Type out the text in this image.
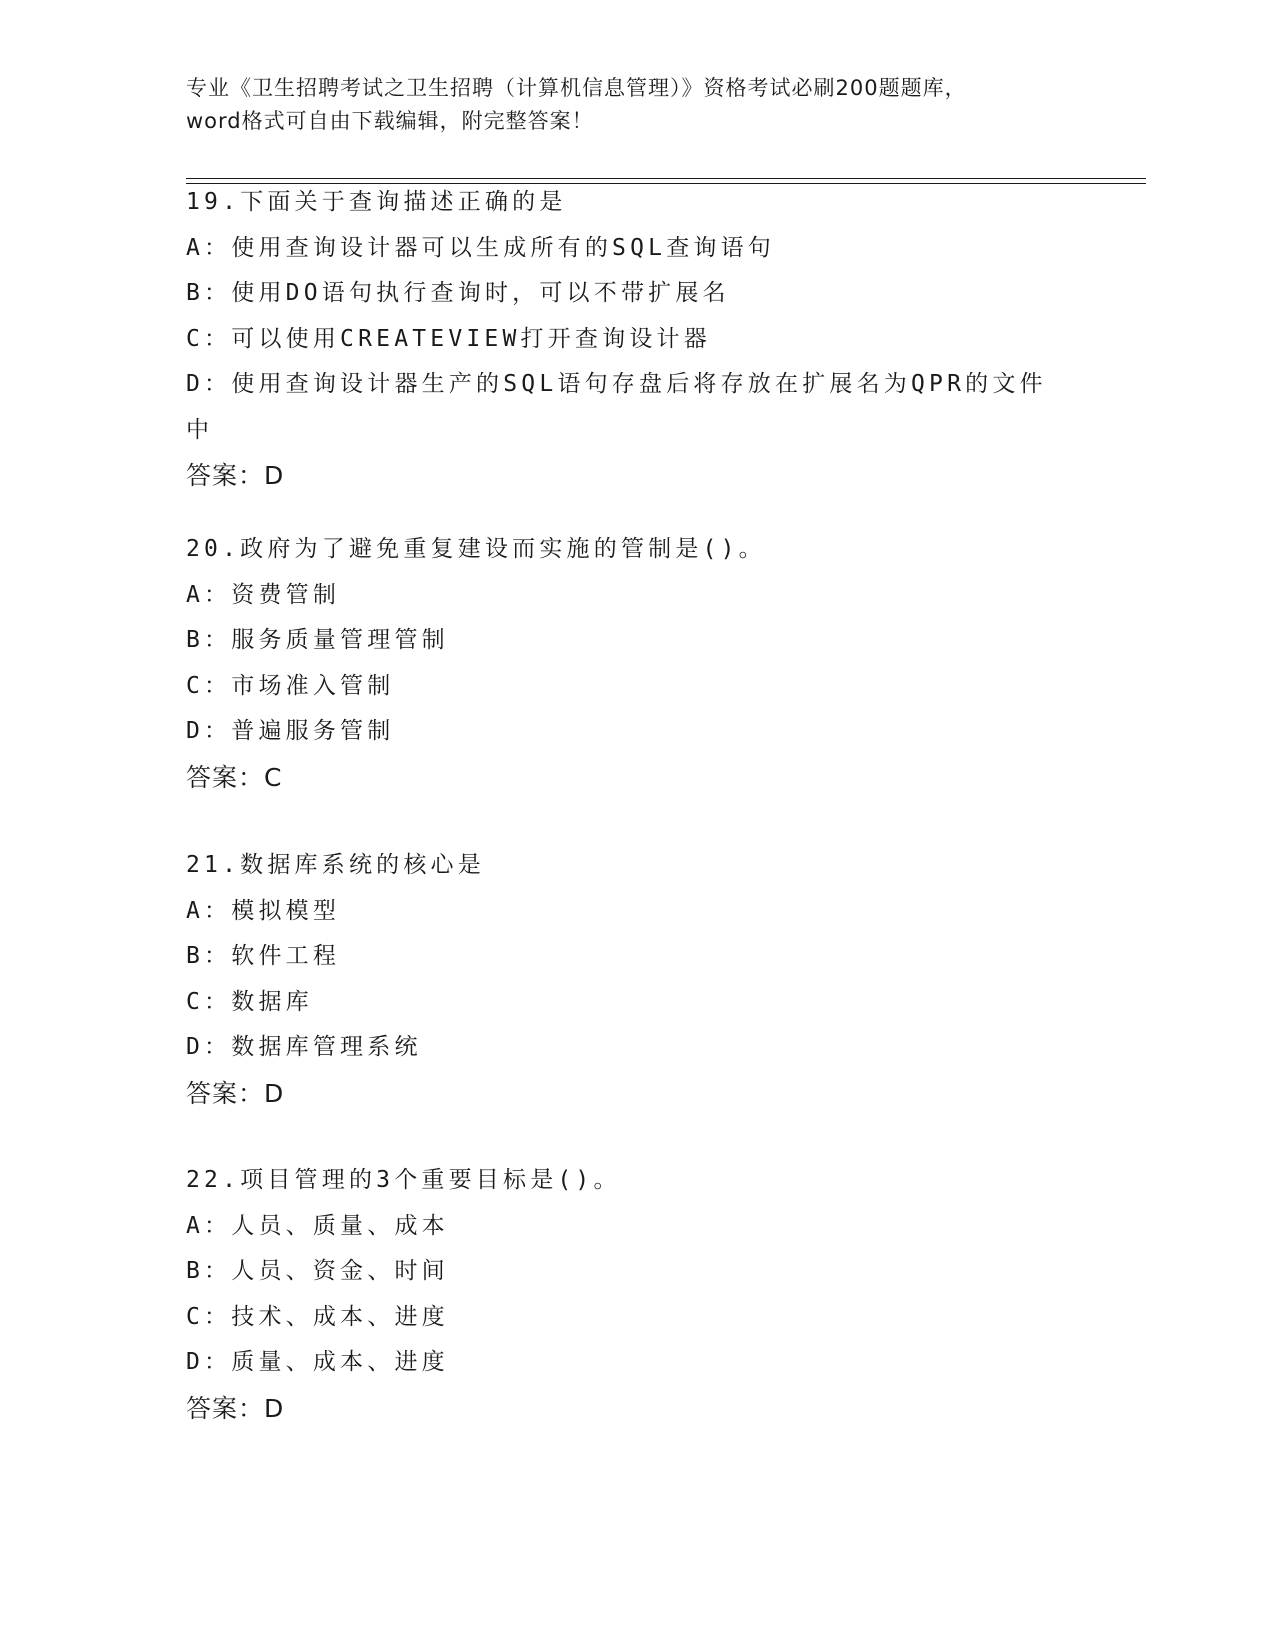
专业《卫生招聘考试之卫生招聘（计算机信息管理）》资格考试必刷200题题库，
word格式可自由下载编辑，附完整答案！
19.下面关于查询描述正确的是
A：使用查询设计器可以生成所有的SQL查询语句
B：使用DO语句执行查询时，可以不带扩展名
C：可以使用CREATEVIEW打开查询设计器
D：使用查询设计器生产的SQL语句存盘后将存放在扩展名为QPR的文件中
答案：D
20.政府为了避免重复建设而实施的管制是()。
A：资费管制
B：服务质量管理管制
C：市场准入管制
D：普遍服务管制
答案：C
21.数据库系统的核心是
A：模拟模型
B：软件工程
C：数据库
D：数据库管理系统
答案：D
22.项目管理的3个重要目标是()。
A：人员、质量、成本
B：人员、资金、时间
C：技术、成本、进度
D：质量、成本、进度
答案：D
